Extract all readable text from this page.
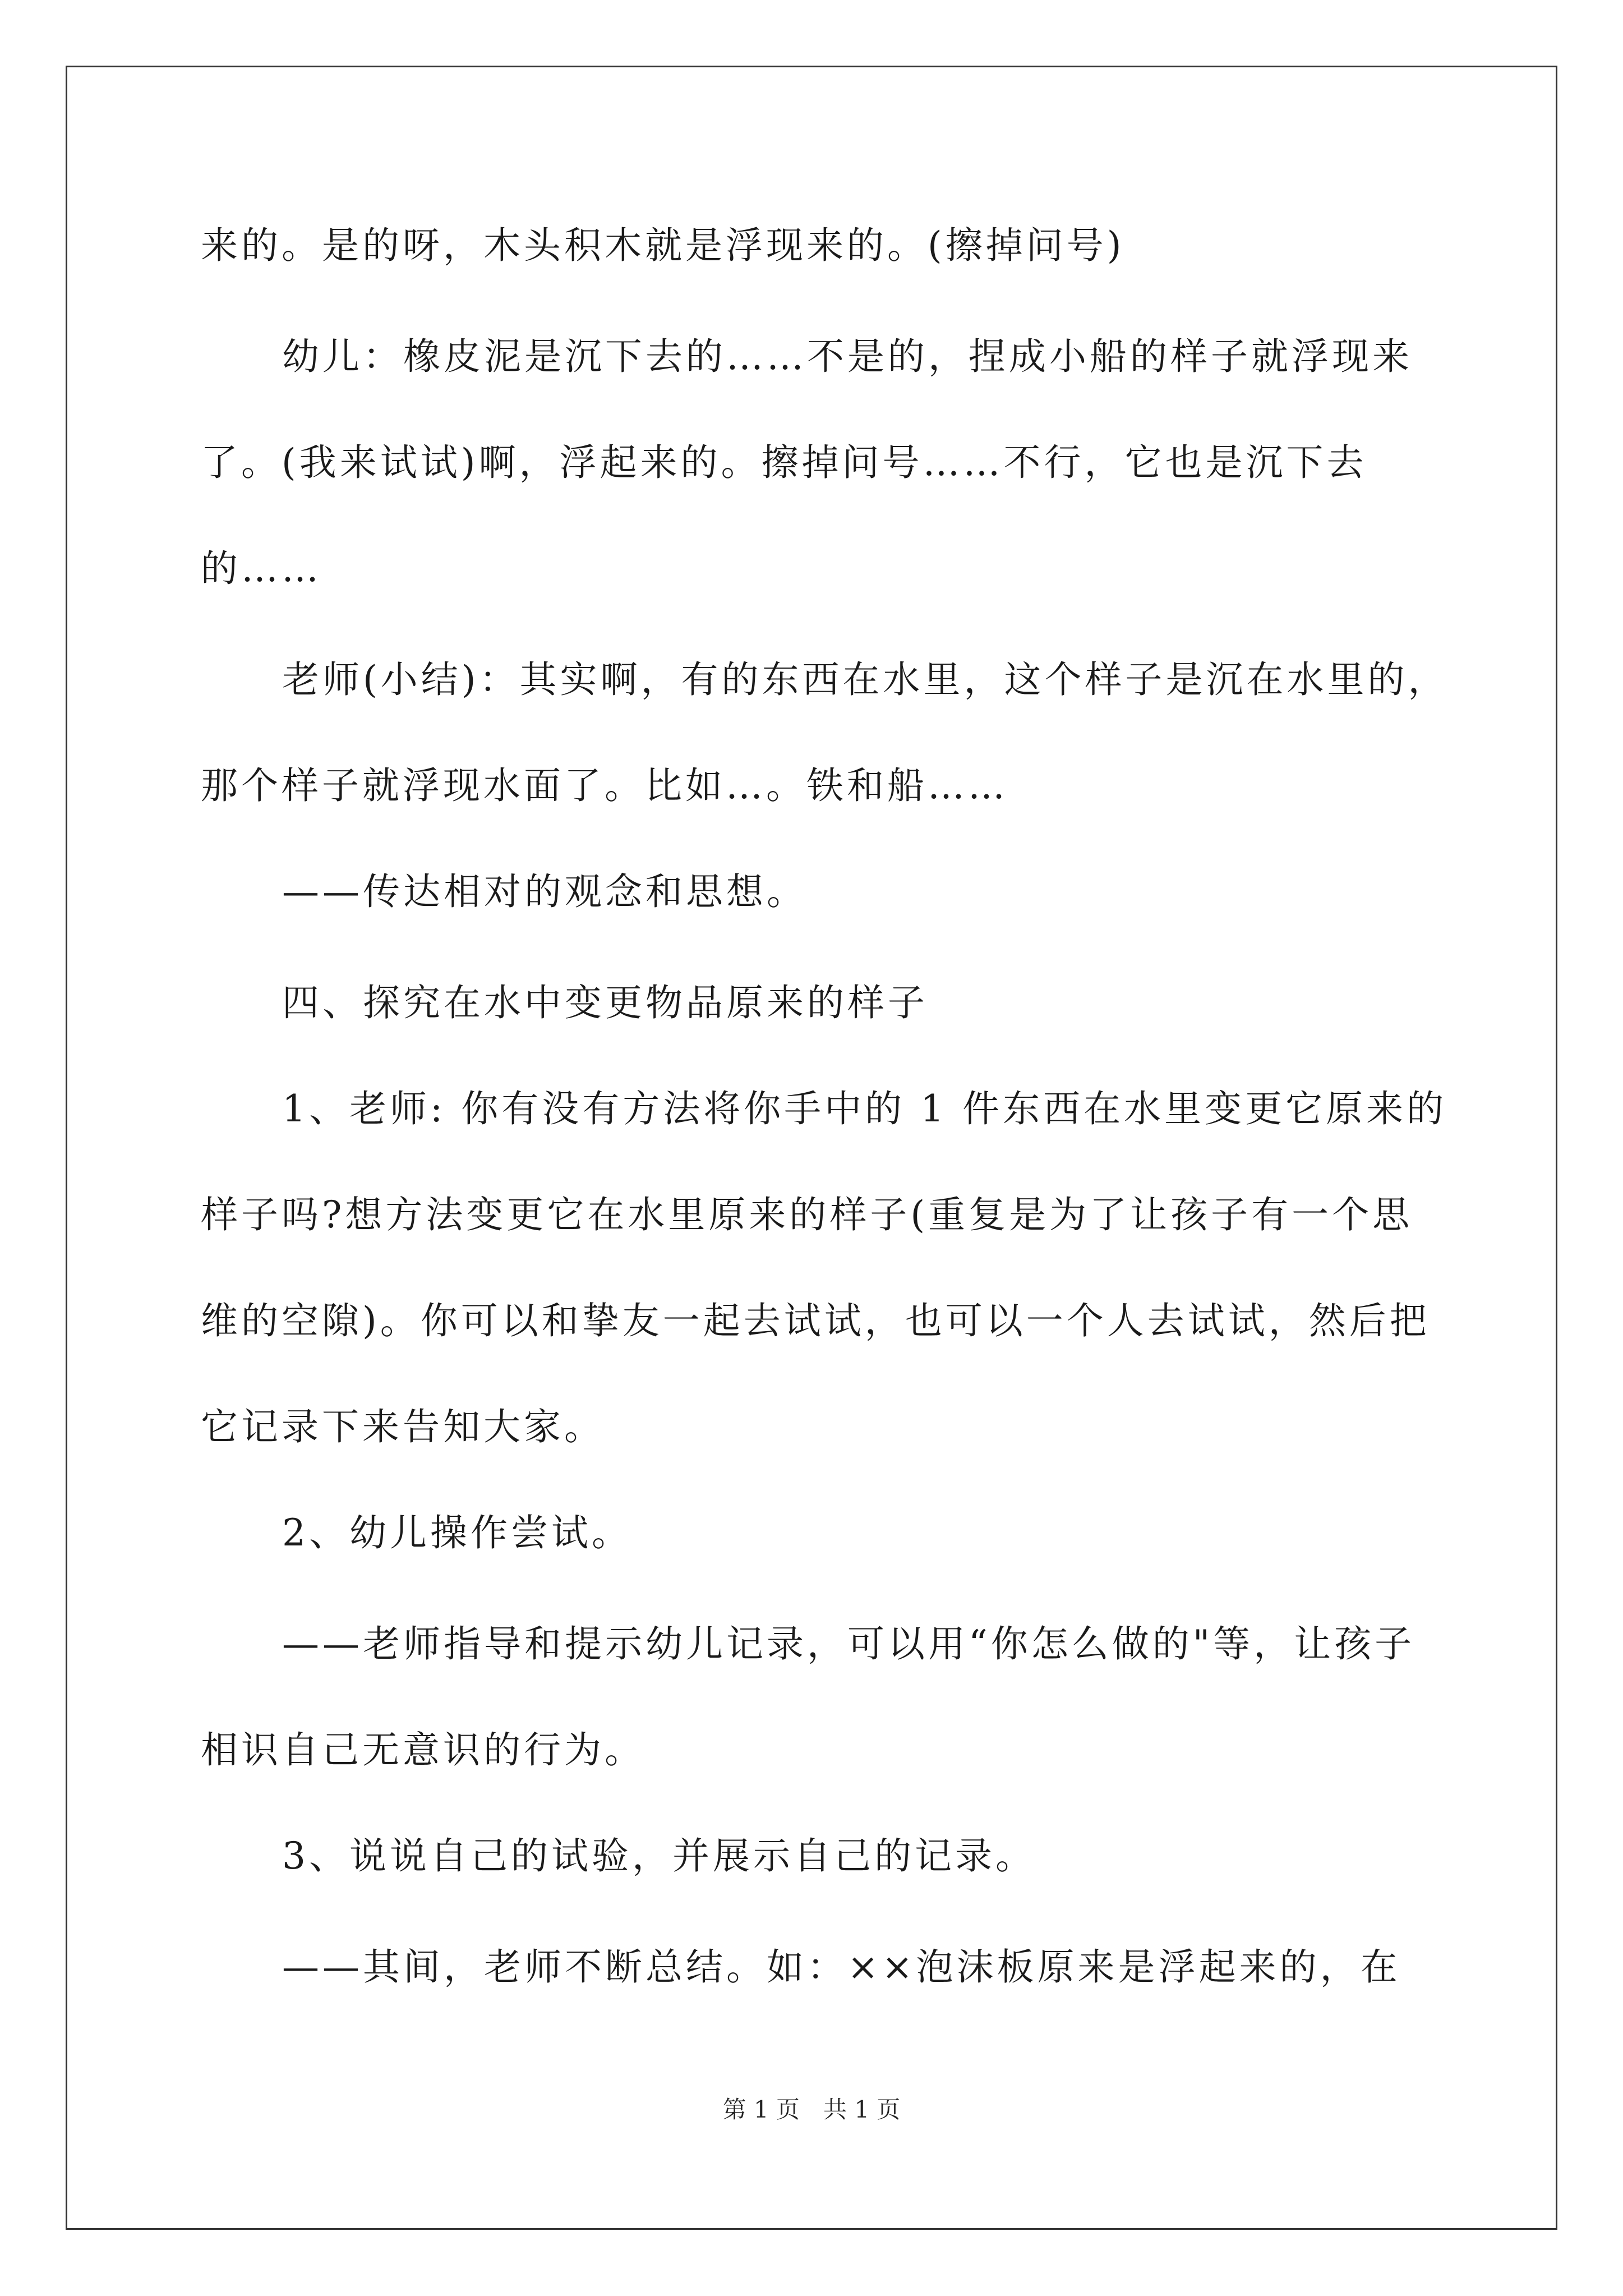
来的。是的呀，木头积木就是浮现来的。(擦掉问号)
幼儿：橡皮泥是沉下去的……不是的，捏成小船的样子就浮现来
了。(我来试试)啊，浮起来的。擦掉问号……不行，它也是沉下去
的……
老师(小结)：其实啊，有的东西在水里，这个样子是沉在水里的，
那个样子就浮现水面了。比如…。铁和船……
——传达相对的观念和思想。
四、探究在水中变更物品原来的样子
1、老师: 你有没有方法将你手中的 1 件东西在水里变更它原来的
样子吗?想方法变更它在水里原来的样子(重复是为了让孩子有一个思
维的空隙)。你可以和挚友一起去试试，也可以一个人去试试，然后把
它记录下来告知大家。
2、幼儿操作尝试。
——老师指导和提示幼儿记录，可以用“你怎么做的"等，让孩子
相识自己无意识的行为。
3、说说自己的试验，并展示自己的记录。
——其间，老师不断总结。如：××泡沫板原来是浮起来的，在
第 1 页　共 1 页
